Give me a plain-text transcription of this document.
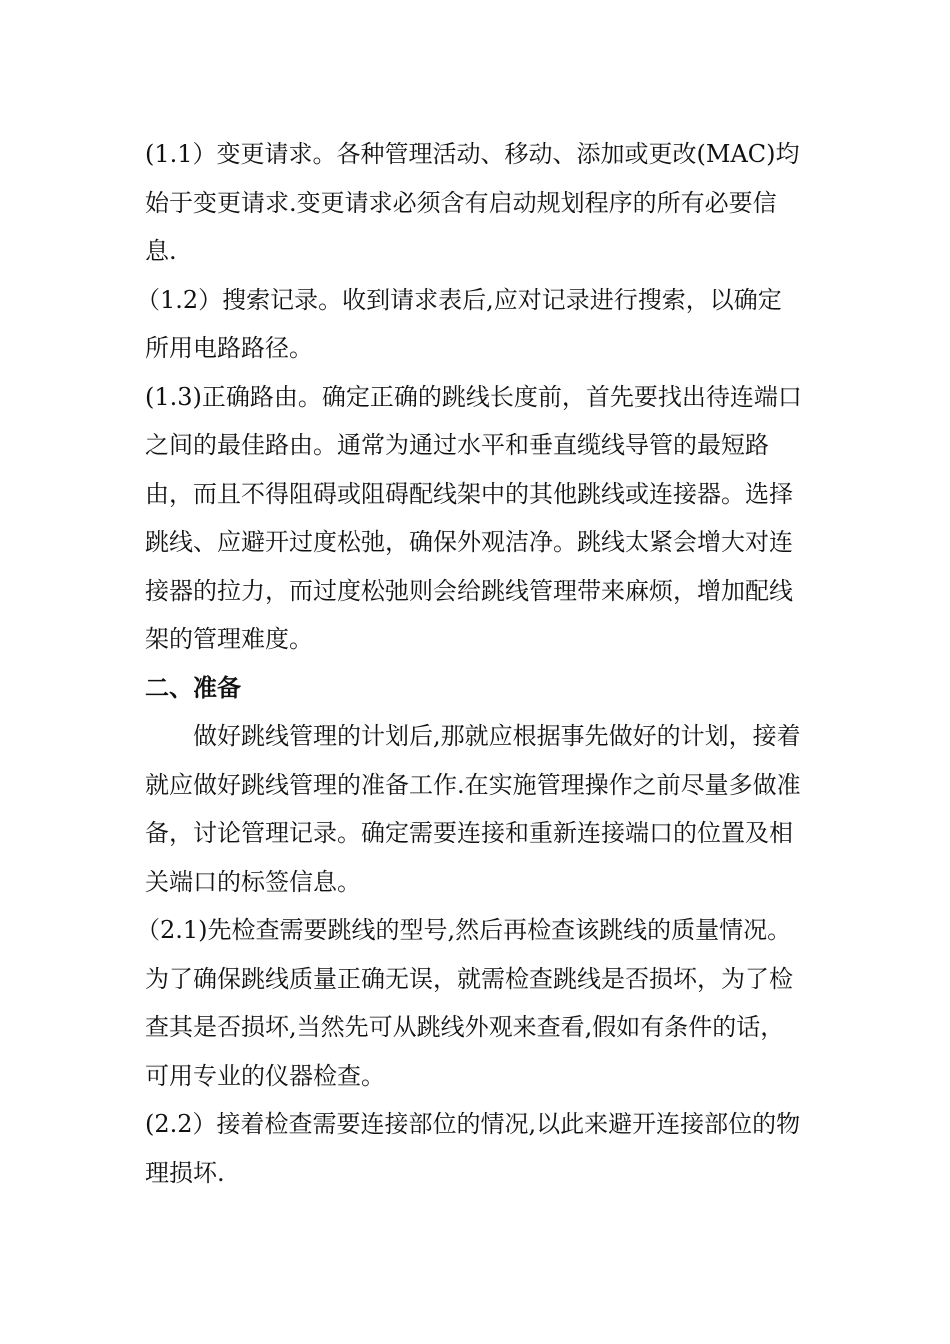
(1.1）变更请求。各种管理活动、移动、添加或更改(MAC)均始于变更请求.变更请求必须含有启动规划程序的所有必要信息.

（1.2）搜索记录。收到请求表后,应对记录进行搜索，以确定所用电路路径。

(1.3)正确路由。确定正确的跳线长度前，首先要找出待连端口之间的最佳路由。通常为通过水平和垂直缆线导管的最短路由，而且不得阻碍或阻碍配线架中的其他跳线或连接器。选择跳线、应避开过度松弛，确保外观洁净。跳线太紧会增大对连接器的拉力，而过度松弛则会给跳线管理带来麻烦，增加配线架的管理难度。

二、准备

做好跳线管理的计划后,那就应根据事先做好的计划，接着就应做好跳线管理的准备工作.在实施管理操作之前尽量多做准备，讨论管理记录。确定需要连接和重新连接端口的位置及相关端口的标签信息。

（2.1)先检查需要跳线的型号,然后再检查该跳线的质量情况。为了确保跳线质量正确无误，就需检查跳线是否损坏，为了检查其是否损坏,当然先可从跳线外观来查看,假如有条件的话，可用专业的仪器检查。

(2.2）接着检查需要连接部位的情况,以此来避开连接部位的物理损坏.
